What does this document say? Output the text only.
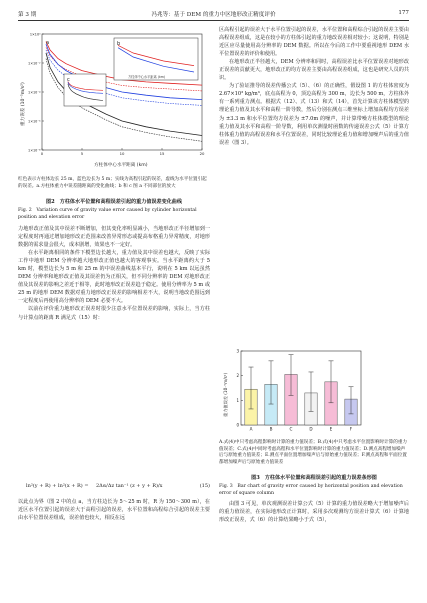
第 3 期	冯兆等：基于 DEM 的重力中区地形改正精度评价	177
1×10⁻⁸
1×10⁻⁶
1×10⁻⁴
1×10⁻²
1×10⁰
0	5	10	15	20
b
方柱体中心水平距离 (km)
c
a
重力误差 (10⁻⁵m/s²)
方柱体中心水平距离 (km)
红色表示方柱体边长 25 m，蓝色边长为 5 m；实线为高程引起的误差，虚线为水平位置引起的误差。a.方柱体重力中误差随距离的变化曲线；b 和 c 图 a 不同部位的放大
图2　方柱体水平位置和高程误差引起的重力值误差变化曲线
Fig. 2　Variation curve of gravity value error caused by cylinder horizontal position and elevation error

力地形改正值及其中误差不断增加，但其变化率明显减小，当地形改正半径增加到一定程度时再通过增加地形改正范围来改善异常形态或提高布格重力异常精度，对地形数据的需求量会很大，成本剧增，效果也不一定好。

在水平距离相同的条件下模型边长越大，重力值及其中误差也越大，反映了实际工作中地形 DEM 分辨率越大地形改正值也越大的客观事实。当水平距离约大于 5 km 时，模型边长为 5 m 和 25 m 的中误差曲线基本平行，说明在 5 km 以远虽然 DEM 分辨率和地形改正值及其误差仍为正相关，但不同分辨率的 DEM 对地形改正值及其误差的影响之差近于相等，此时地形改正误差趋于稳定。使用分辨率为 5 m 或 25 m 的地形 DEM 数据对重力地形改正误差的影响相差不大，说明当地改范围远到一定程度后再使用高分辨率的 DEM 必要不大。

以前在评价重力地形改正误差时很少注意水平位置误差的影响，实际上，当方柱与计算点的距离 R 满足式（15）时：

ln²(y + R) + ln²(x + R) = 2Δα/Δz tan⁻¹ (z + y + R)/x	(15)

以此点为界（图 2 中的点 a，当方柱边长为 5～25 m 时，R 为 150～300 m），在近区水平位置引起的误差大于高程引起的误差，水平位置和高程综合引起的误差主要由水平位置误差组成，误差值也较大，相反在远

区高程引起的误差大于水平位置引起的误差，水平位置和高程综合引起的误差主要由高程误差组成，这是在较小的方柱体引起的重力地改误差相对较小；这说明，特别是近区应尽量使用高分辨率的 DEM 数据。所以在今后的工作中要重视地形 DEM 水平位置误差的评价和使用。

在地形改正半径越大，DEM 分辨率和同时，高程误差比水平位置误差对地形改正误差的贡献更大，地形改正的均方误差主要由高程误差组成，这也是研究人员的共识。

为了验证推导的误差传播公式（5）、（6）的正确性，假设图 1 的方柱体密度为 2.67×10³ kg/m³，底点高程为 0，顶边高程为 300 m，边长为 500 m，方柱体外有一系列重力测点。根据式（12）、式（13）和式（14），首先计算该方柱体模型的理论重力值及其水平和高程一阶导数，然后分别在测点三维坐标上增加高程均方误差为 ±3.3 m 和水平位置均方误差为 ±7.0m 的噪声，并计算带噪方柱体模型的理论重力值及其水平和高程一阶导数，利用单次测量时函数的传递误差公式（5）计算方柱体重力值的高程误差和水平位置误差，同时比较理论重力值和增加噪声后的重力值误差（图 3）。

0
1
2
3
A	B	C	D	E	F
重力值误差 (10⁻⁵m/s²)
A.式(4)中只考虑高程影响时计算的重力值误差；B.式(4)中只考虑水平位置影响时计算的重力值误差；C.式(4)中同时考虑高程和水平位置影响时计算的重力值误差；D.测点高程增加噪声后与原始重力值误差；E.测点平面位置增加噪声后与原始重力值误差；F.测点高程和平面位置都增加噪声后与原始重力值误差
图3　方柱体水平位置和高程误差引起的重力误差条形图
Fig. 3　Bar chart of gravity error caused by horizontal position and elevation error of square column

由图 3 可见，单次观测误差计算公式（5）计算的重力值误差略大于增加噪声后的重力值误差，在实际地形改正计算时，采用多次观测均方误差计算式（6）计算地形改正误差，式（6）的计算结果略小于式（5），
